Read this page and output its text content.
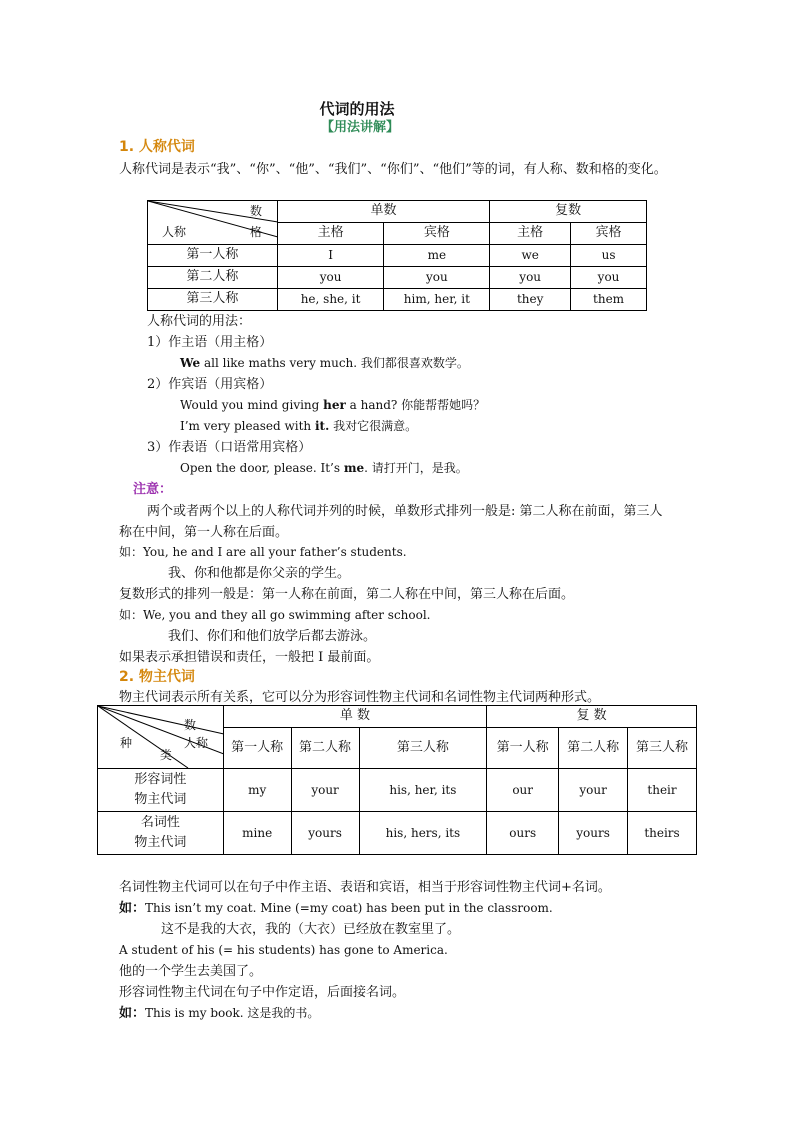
代词的用法
【用法讲解】
1. 人称代词
人称代词是表示“我”、“你”、“他”、“我们”、“你们”、“他们”等的词，有人称、数和格的变化。
数
格
人称	单数		复数	
	主格	宾格	主格	宾格
第一人称	I	me	we	us
第二人称	you	you	you	you
第三人称	he, she, it	him, her, it	they	them
人称代词的用法：
1）作主语（用主格）
We all like maths very much. 我们都很喜欢数学。
2）作宾语（用宾格）
Would you mind giving her a hand? 你能帮帮她吗？
I’m very pleased with it. 我对它很满意。
3）作表语（口语常用宾格）
Open the door, please. It’s me. 请打开门，是我。
注意：
两个或者两个以上的人称代词并列的时候，单数形式排列一般是: 第二人称在前面，第三人称在中间，第一人称在后面。
如：You, he and I are all your father’s students.
我、你和他都是你父亲的学生。
复数形式的排列一般是：第一人称在前面，第二人称在中间，第三人称在后面。
如：We, you and they all go swimming after school.
我们、你们和他们放学后都去游泳。
如果表示承担错误和责任，一般把 I 最前面。
2. 物主代词
物主代词表示所有关系，它可以分为形容词性物主代词和名词性物主代词两种形式。
数
人称
种
类	单 数			复 数		
	第一人称	第二人称	第三人称	第一人称	第二人称	第三人称

形容词性
物主代词	my	your	his, her, its	our	your	their

名词性
物主代词	mine	yours	his, hers, its	ours	yours	theirs
名词性物主代词可以在句子中作主语、表语和宾语，相当于形容词性物主代词+名词。
如：This isn’t my coat. Mine (=my coat) has been put in the classroom.
这不是我的大衣，我的（大衣）已经放在教室里了。
A student of his (= his students) has gone to America.
他的一个学生去美国了。
形容词性物主代词在句子中作定语，后面接名词。
如：This is my book. 这是我的书。
